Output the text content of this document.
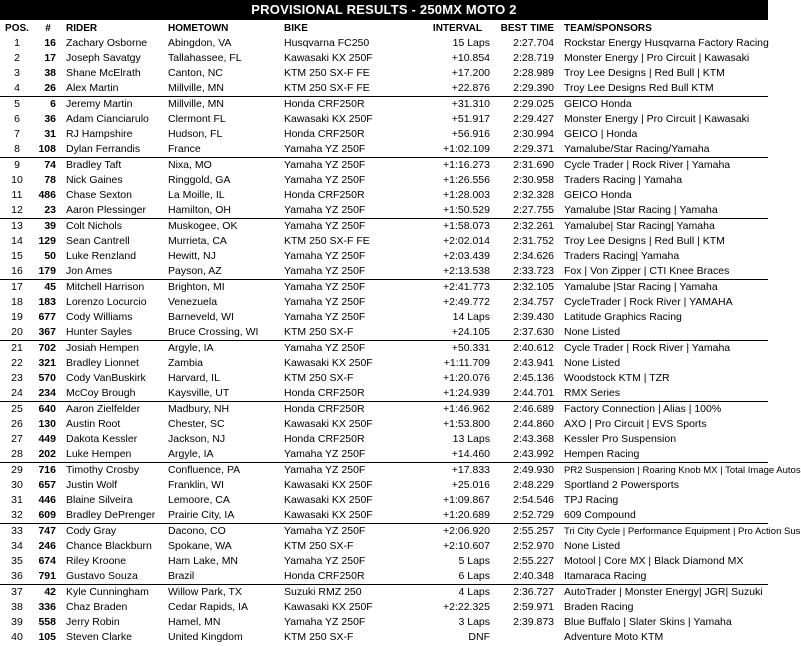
PROVISIONAL RESULTS - 250MX MOTO 2
POS.	#	RIDER	HOMETOWN	BIKE	INTERVAL	BEST TIME	TEAM/SPONSORS
1	16	Zachary Osborne	Abingdon, VA	Husqvarna FC250	15 Laps	2:27.704	Rockstar Energy Husqvarna Factory Racing
2	17	Joseph Savatgy	Tallahassee, FL	Kawasaki KX 250F	+10.854	2:28.719	Monster Energy | Pro Circuit | Kawasaki
3	38	Shane McElrath	Canton, NC	KTM 250 SX-F FE	+17.200	2:28.989	Troy Lee Designs | Red Bull | KTM
4	26	Alex Martin	Millville, MN	KTM 250 SX-F FE	+22.876	2:29.390	Troy Lee Designs Red Bull KTM
5	6	Jeremy Martin	Millville, MN	Honda CRF250R	+31.310	2:29.025	GEICO Honda
6	36	Adam Cianciarulo	Clermont FL	Kawasaki KX 250F	+51.917	2:29.427	Monster Energy | Pro Circuit | Kawasaki
7	31	RJ Hampshire	Hudson, FL	Honda CRF250R	+56.916	2:30.994	GEICO | Honda
8	108	Dylan Ferrandis	France	Yamaha YZ 250F	+1:02.109	2:29.371	Yamalube/Star Racing/Yamaha
9	74	Bradley Taft	Nixa, MO	Yamaha YZ 250F	+1:16.273	2:31.690	Cycle Trader | Rock River | Yamaha
10	78	Nick Gaines	Ringgold, GA	Yamaha YZ 250F	+1:26.556	2:30.958	Traders Racing | Yamaha
11	486	Chase Sexton	La Moille, IL	Honda CRF250R	+1:28.003	2:32.328	GEICO Honda
12	23	Aaron Plessinger	Hamilton, OH	Yamaha YZ 250F	+1:50.529	2:27.755	Yamalube |Star Racing | Yamaha
13	39	Colt Nichols	Muskogee, OK	Yamaha YZ 250F	+1:58.073	2:32.261	Yamalube| Star Racing| Yamaha
14	129	Sean Cantrell	Murrieta, CA	KTM 250 SX-F FE	+2:02.014	2:31.752	Troy Lee Designs | Red Bull | KTM
15	50	Luke Renzland	Hewitt, NJ	Yamaha YZ 250F	+2:03.439	2:34.626	Traders Racing| Yamaha
16	179	Jon Ames	Payson, AZ	Yamaha YZ 250F	+2:13.538	2:33.723	Fox | Von Zipper | CTI Knee Braces
17	45	Mitchell Harrison	Brighton, MI	Yamaha YZ 250F	+2:41.773	2:32.105	Yamalube |Star Racing | Yamaha
18	183	Lorenzo Locurcio	Venezuela	Yamaha YZ 250F	+2:49.772	2:34.757	CycleTrader | Rock River | YAMAHA
19	677	Cody Williams	Barneveld, WI	Yamaha YZ 250F	14 Laps	2:39.430	Latitude Graphics Racing
20	367	Hunter Sayles	Bruce Crossing, WI	KTM 250 SX-F	+24.105	2:37.630	None Listed
21	702	Josiah Hempen	Argyle, IA	Yamaha YZ 250F	+50.331	2:40.612	Cycle Trader | Rock River | Yamaha
22	321	Bradley Lionnet	Zambia	Kawasaki KX 250F	+1:11.709	2:43.941	None Listed
23	570	Cody VanBuskirk	Harvard, IL	KTM 250 SX-F	+1:20.076	2:45.136	Woodstock KTM | TZR
24	234	McCoy Brough	Kaysville, UT	Honda CRF250R	+1:24.939	2:44.701	RMX Series
25	640	Aaron Zielfelder	Madbury, NH	Honda CRF250R	+1:46.962	2:46.689	Factory Connection | Alias | 100%
26	130	Austin Root	Chester, SC	Kawasaki KX 250F	+1:53.800	2:44.860	AXO | Pro Circuit | EVS Sports
27	449	Dakota Kessler	Jackson, NJ	Honda CRF250R	13 Laps	2:43.368	Kessler Pro Suspension
28	202	Luke Hempen	Argyle, IA	Yamaha YZ 250F	+14.460	2:43.992	Hempen Racing
29	716	Timothy Crosby	Confluence, PA	Yamaha YZ 250F	+17.833	2:49.930	PR2 Suspension | Roaring Knob MX | Total Image Autos
30	657	Justin Wolf	Franklin, WI	Kawasaki KX 250F	+25.016	2:48.229	Sportland 2 Powersports
31	446	Blaine Silveira	Lemoore, CA	Kawasaki KX 250F	+1:09.867	2:54.546	TPJ Racing
32	609	Bradley DePrenger	Prairie City, IA	Kawasaki KX 250F	+1:20.689	2:52.729	609 Compound
33	747	Cody Gray	Dacono, CO	Yamaha YZ 250F	+2:06.920	2:55.257	Tri City Cycle | Performance Equipment | Pro Action Sus
34	246	Chance Blackburn	Spokane, WA	KTM 250 SX-F	+2:10.607	2:52.970	None Listed
35	674	Riley Kroone	Ham Lake, MN	Yamaha YZ 250F	5 Laps	2:55.227	Motool | Core MX | Black Diamond MX
36	791	Gustavo Souza	Brazil	Honda CRF250R	6 Laps	2:40.348	Itamaraca Racing
37	42	Kyle Cunningham	Willow Park, TX	Suzuki RMZ 250	4 Laps	2:36.727	AutoTrader | Monster Energy| JGR| Suzuki
38	336	Chaz Braden	Cedar Rapids, IA	Kawasaki KX 250F	+2:22.325	2:59.971	Braden Racing
39	558	Jerry Robin	Hamel, MN	Yamaha YZ 250F	3 Laps	2:39.873	Blue Buffalo | Slater Skins | Yamaha
40	105	Steven Clarke	United Kingdom	KTM 250 SX-F	DNF		Adventure Moto KTM
